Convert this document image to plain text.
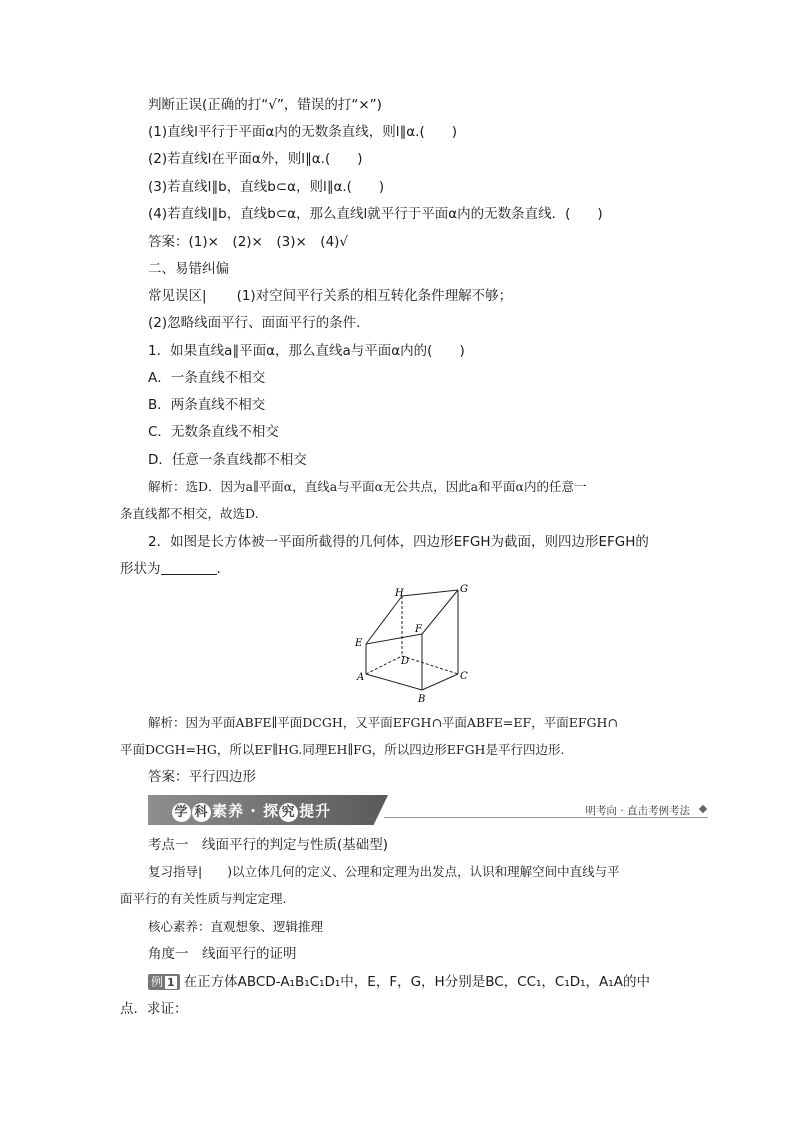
判断正误(正确的打“√”，错误的打“×”)
(1)直线l平行于平面α内的无数条直线，则l∥α.(　　)
(2)若直线l在平面α外，则l∥α.(　　)
(3)若直线l∥b，直线b⊂α，则l∥α.(　　)
(4)若直线l∥b，直线b⊂α，那么直线l就平行于平面α内的无数条直线．(　　)
答案：(1)×　(2)×　(3)×　(4)√
二、易错纠偏
常见误区| (1)对空间平行关系的相互转化条件理解不够；
(2)忽略线面平行、面面平行的条件．
1．如果直线a∥平面α，那么直线a与平面α内的(　　)
A．一条直线不相交
B．两条直线不相交
C．无数条直线不相交
D．任意一条直线都不相交
解析：选D．因为a∥平面α，直线a与平面α无公共点，因此a和平面α内的任意一
条直线都不相交，故选D.
2．如图是长方体被一平面所截得的几何体，四边形EFGH为截面，则四边形EFGH的
形状为	．
H	G
E
F
D
A	C
B
解析：因为平面ABFE∥平面DCGH，又平面EFGH∩平面ABFE=EF，平面EFGH∩
平面DCGH=HG，所以EF∥HG.同理EH∥FG，所以四边形EFGH是平行四边形.
答案：平行四边形
学 科 素养 · 探 究 提升	明考向 · 直击考例考法
考点一　线面平行的判定与性质(基础型)
复习指导|　　)以立体几何的定义、公理和定理为出发点，认识和理解空间中直线与平
面平行的有关性质与判定定理.
核心素养：直观想象、逻辑推理
角度一　线面平行的证明
例 1 在正方体ABCD-A₁B₁C₁D₁中，E，F，G，H分别是BC，CC₁，C₁D₁，A₁A的中
点．求证：
